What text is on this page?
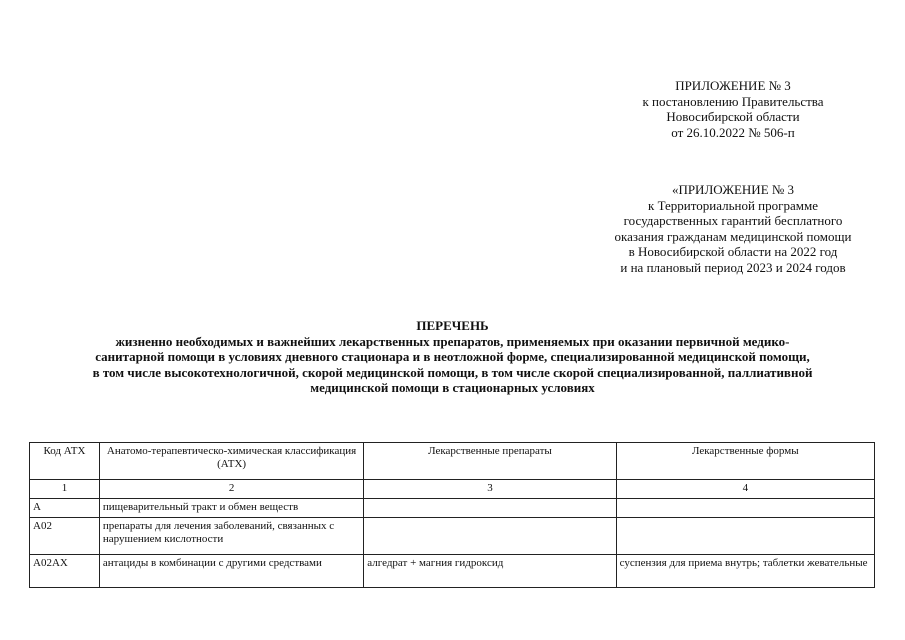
ПРИЛОЖЕНИЕ № 3
к постановлению Правительства
Новосибирской области
от 26.10.2022 № 506-п
«ПРИЛОЖЕНИЕ № 3
к Территориальной программе
государственных гарантий бесплатного
оказания гражданам медицинской помощи
в Новосибирской области на 2022 год
и на плановый период 2023 и 2024 годов
ПЕРЕЧЕНЬ
жизненно необходимых и важнейших лекарственных препаратов, применяемых при оказании первичной медико-
санитарной помощи в условиях дневного стационара и в неотложной форме, специализированной медицинской помощи,
в том числе высокотехнологичной, скорой медицинской помощи, в том числе скорой специализированной, паллиативной
медицинской помощи в стационарных условиях
Код АТХ	Анатомо-терапевтическо-химическая классификация (АТХ)	Лекарственные препараты	Лекарственные формы
1	2	3	4
A	пищеварительный тракт и обмен веществ		
A02	препараты для лечения заболеваний, связанных с нарушением кислотности		
A02AX	антациды в комбинации с другими средствами	алгедрат + магния гидроксид	суспензия для приема внутрь; таблетки жевательные
